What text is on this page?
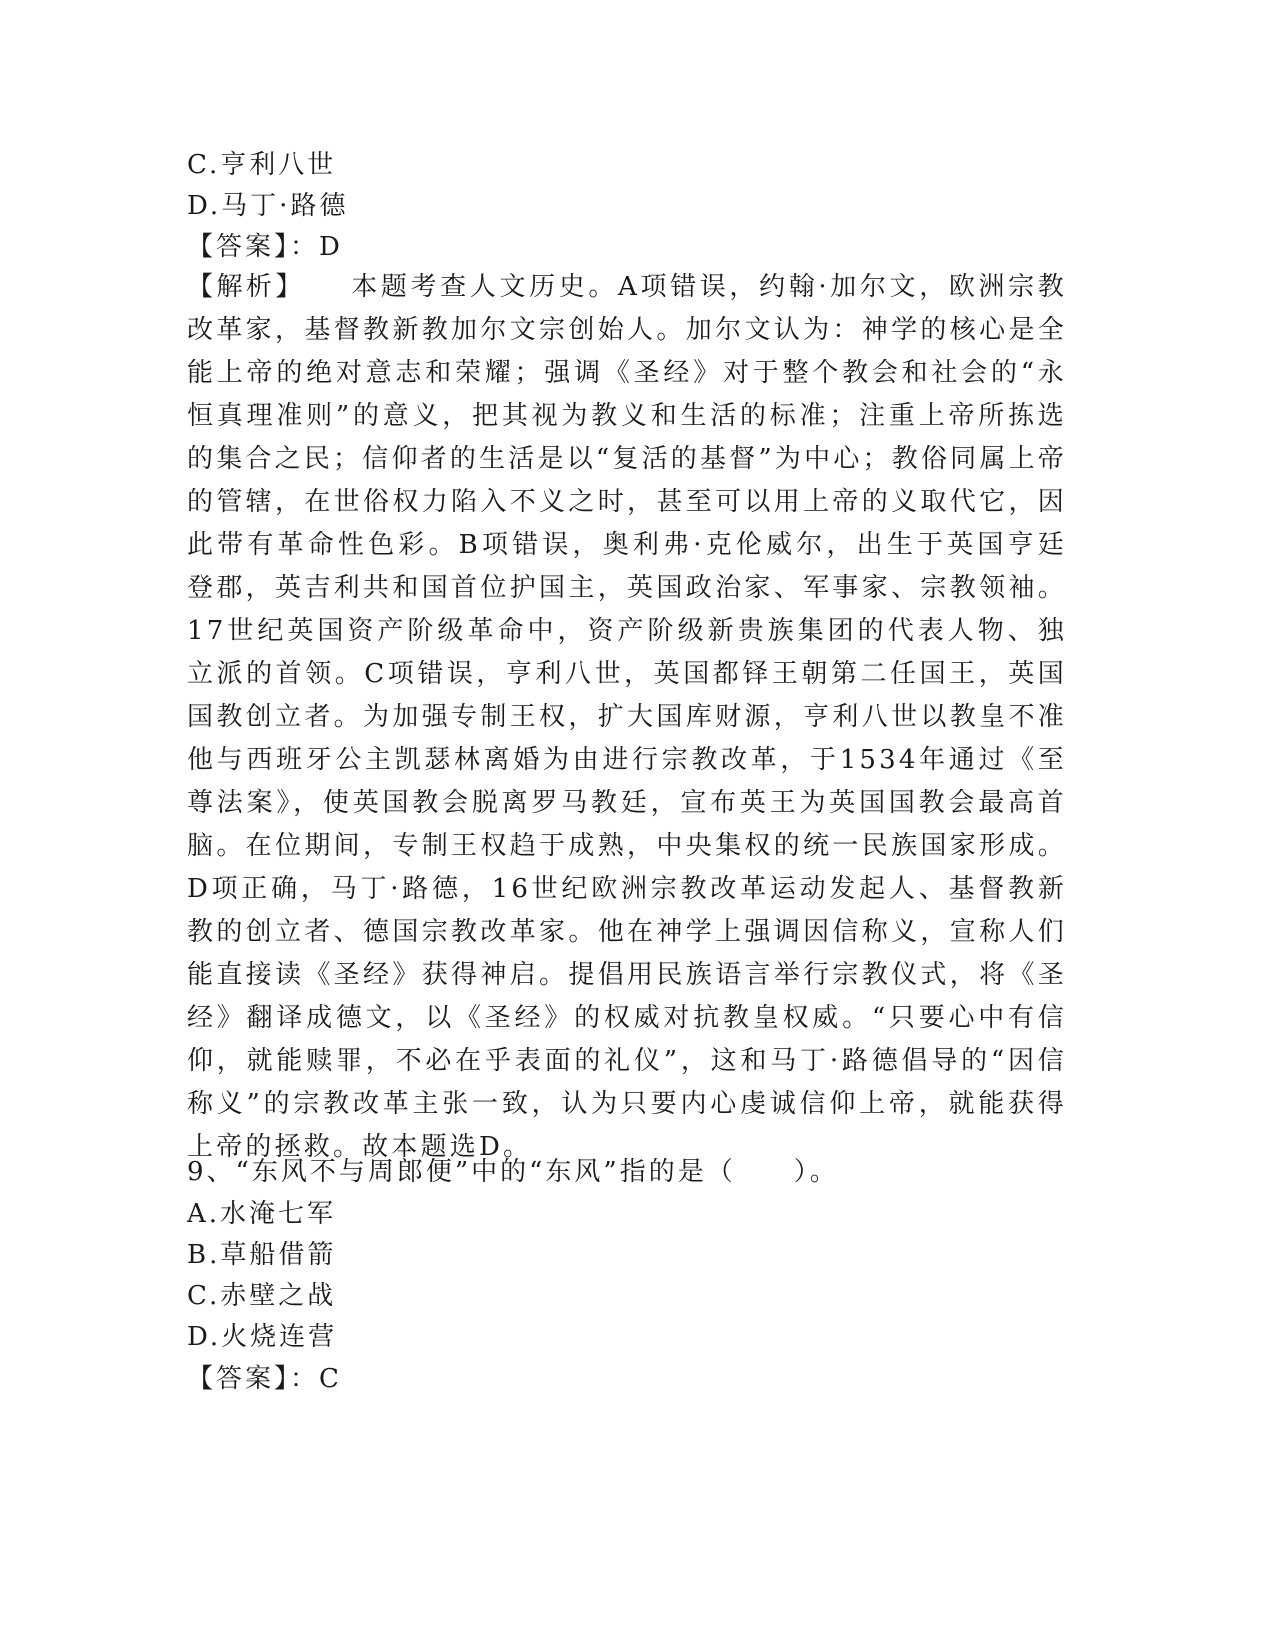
C.亨利八世
D.马丁·路德
【答案】：D
【解析】 本题考查人文历史。A项错误，约翰·加尔文，欧洲宗教改革家，基督教新教加尔文宗创始人。加尔文认为：神学的核心是全能上帝的绝对意志和荣耀；强调《圣经》对于整个教会和社会的“永恒真理准则”的意义，把其视为教义和生活的标准；注重上帝所拣选的集合之民；信仰者的生活是以“复活的基督”为中心；教俗同属上帝的管辖，在世俗权力陷入不义之时，甚至可以用上帝的义取代它，因此带有革命性色彩。B项错误，奥利弗·克伦威尔，出生于英国亨廷登郡，英吉利共和国首位护国主，英国政治家、军事家、宗教领袖。17世纪英国资产阶级革命中，资产阶级新贵族集团的代表人物、独立派的首领。C项错误，亨利八世，英国都铎王朝第二任国王，英国国教创立者。为加强专制王权，扩大国库财源，亨利八世以教皇不准他与西班牙公主凯瑟林离婚为由进行宗教改革，于1534年通过《至尊法案》，使英国教会脱离罗马教廷，宣布英王为英国国教会最高首脑。在位期间，专制王权趋于成熟，中央集权的统一民族国家形成。D项正确，马丁·路德，16世纪欧洲宗教改革运动发起人、基督教新教的创立者、德国宗教改革家。他在神学上强调因信称义，宣称人们能直接读《圣经》获得神启。提倡用民族语言举行宗教仪式，将《圣经》翻译成德文，以《圣经》的权威对抗教皇权威。“只要心中有信仰，就能赎罪，不必在乎表面的礼仪”，这和马丁·路德倡导的“因信称义”的宗教改革主张一致，认为只要内心虔诚信仰上帝，就能获得上帝的拯救。故本题选D。
9、“东风不与周郎便”中的“东风”指的是（　　）。
A.水淹七军
B.草船借箭
C.赤壁之战
D.火烧连营
【答案】：C
